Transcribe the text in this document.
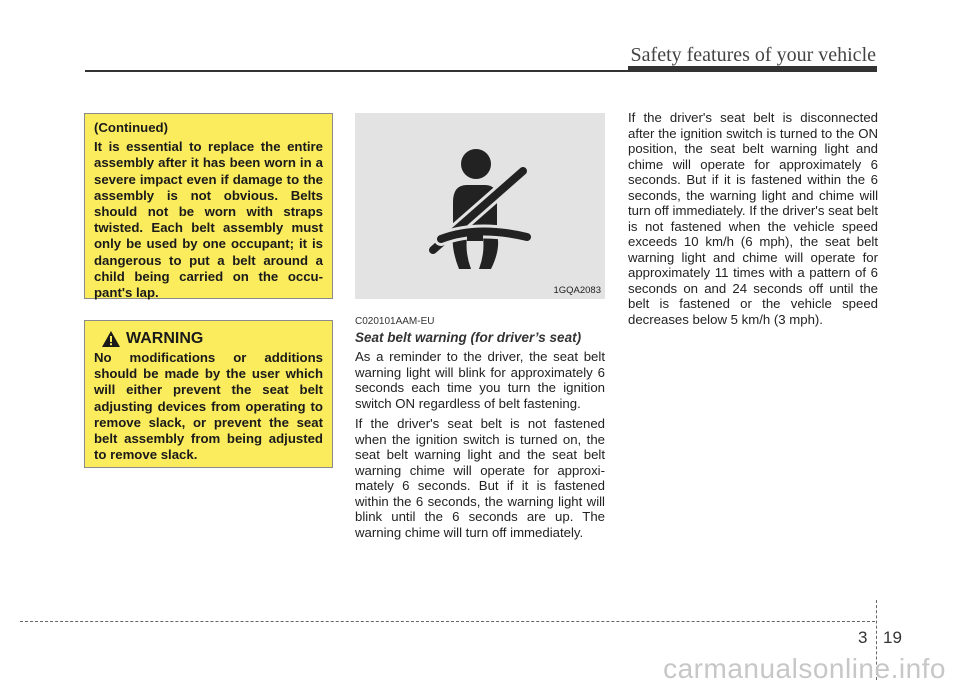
Safety features of your vehicle
(Continued)
It is essential to replace the entire assembly after it has been worn in a severe impact even if damage to the assembly is not obvious. Belts should not be worn with straps twisted. Each belt assembly must only be used by one occupant; it is dangerous to put a belt around a child being carried on the occu-pant's lap.
WARNING
No modifications or additions should be made by the user which will either prevent the seat belt adjusting devices from operating to remove slack, or prevent the seat belt assembly from being adjusted to remove slack.
1GQA2083
C020101AAM-EU
Seat belt warning (for driver’s seat)

As a reminder to the driver, the seat belt warning light will blink for approximately 6 seconds each time you turn the ignition switch ON regardless of belt fastening.

If the driver's seat belt is not fastened when the ignition switch is turned on, the seat belt warning light and the seat belt warning chime will operate for approxi-mately 6 seconds. But if it is fastened within the 6 seconds, the warning light will blink until the 6 seconds are up. The warning chime will turn off immediately.

If the driver's seat belt is disconnected after the ignition switch is turned to the ON position, the seat belt warning light and chime will operate for approximately 6 seconds. But if it is fastened within the 6 seconds, the warning light and chime will turn off immediately. If the driver's seat belt is not fastened when the vehicle speed exceeds 10 km/h (6 mph), the seat belt warning light and chime will operate for approximately 11 times with a pattern of 6 seconds on and 24 seconds off until the belt is fastened or the vehicle speed decreases below 5 km/h (3 mph).

3 19
carmanualsonline.info
